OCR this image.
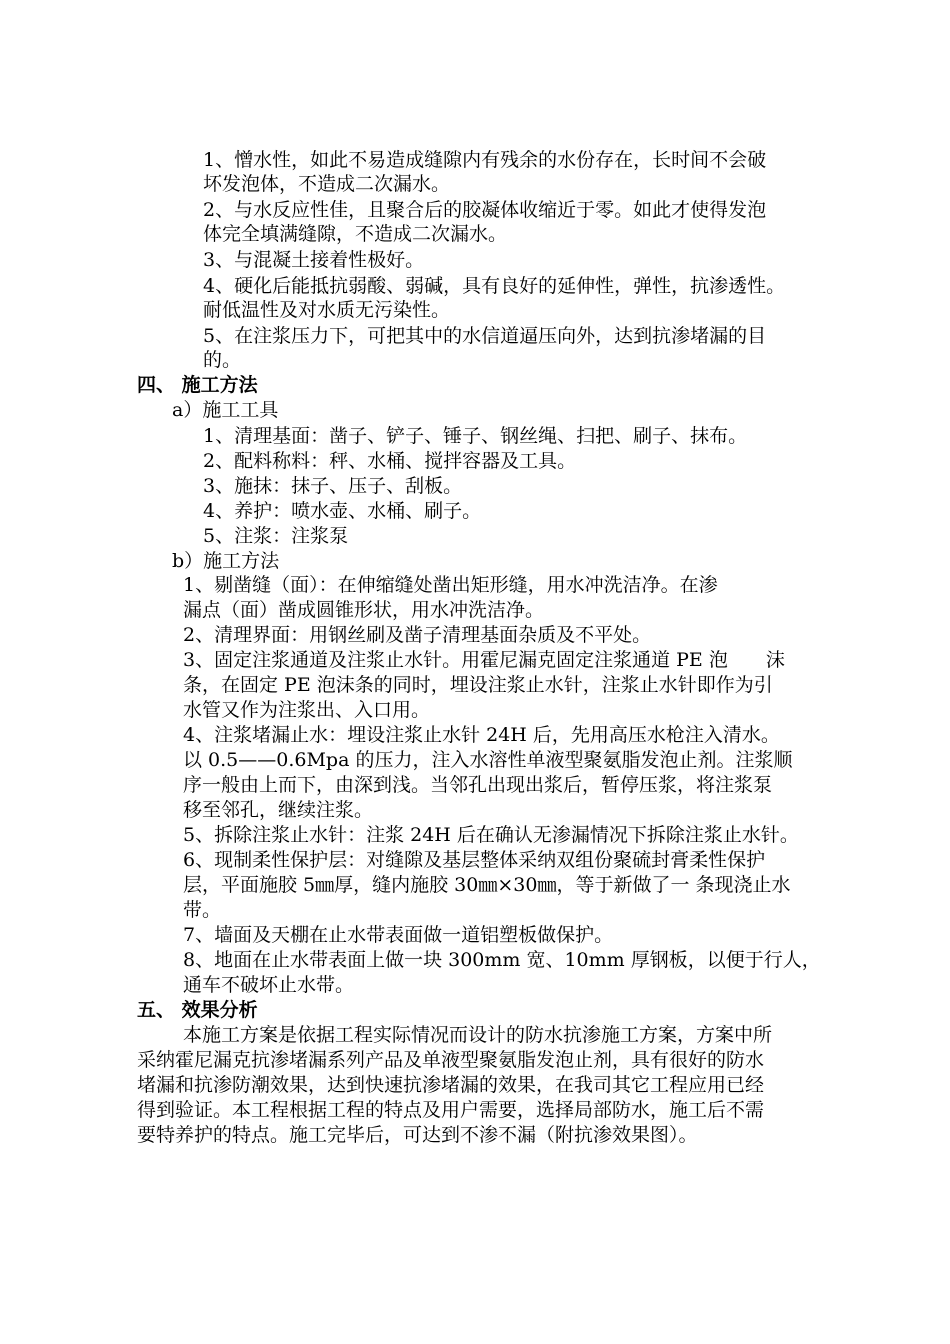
1、憎水性，如此不易造成缝隙内有残余的水份存在，长时间不会破
坏发泡体，不造成二次漏水。
2、与水反应性佳，且聚合后的胶凝体收缩近于零。如此才使得发泡
体完全填满缝隙，不造成二次漏水。
3、与混凝土接着性极好。
4、硬化后能抵抗弱酸、弱碱，具有良好的延伸性，弹性，抗渗透性。
耐低温性及对水质无污染性。
5、在注浆压力下，可把其中的水信道逼压向外，达到抗渗堵漏的目
的。
四、 施工方法
a）施工工具
1、清理基面：凿子、铲子、锤子、钢丝绳、扫把、刷子、抹布。
2、配料称料：秤、水桶、搅拌容器及工具。
3、施抹：抹子、压子、刮板。
4、养护：喷水壶、水桶、刷子。
5、注浆：注浆泵
b）施工方法
1、剔凿缝（面）：在伸缩缝处凿出矩形缝，用水冲洗洁净。在渗
漏点（面）凿成圆锥形状，用水冲洗洁净。
2、清理界面：用钢丝刷及凿子清理基面杂质及不平处。
3、固定注浆通道及注浆止水针。用霍尼漏克固定注浆通道 PE 泡　　沫
条，在固定 PE 泡沫条的同时，埋设注浆止水针，注浆止水针即作为引
水管又作为注浆出、入口用。
4、注浆堵漏止水：埋设注浆止水针 24H 后，先用高压水枪注入清水。
以 0.5——0.6Mpa 的压力，注入水溶性单液型聚氨脂发泡止剂。注浆顺
序一般由上而下，由深到浅。当邻孔出现出浆后，暂停压浆，将注浆泵
移至邻孔，继续注浆。
5、拆除注浆止水针：注浆 24H 后在确认无渗漏情况下拆除注浆止水针。
6、现制柔性保护层：对缝隙及基层整体采纳双组份聚硫封膏柔性保护
层，平面施胶 5㎜厚，缝内施胶 30㎜×30㎜，等于新做了一 条现浇止水
带。
7、墙面及天棚在止水带表面做一道铝塑板做保护。
8、地面在止水带表面上做一块 300mm 宽、10mm 厚钢板，以便于行人，
通车不破坏止水带。
五、 效果分析
本施工方案是依据工程实际情况而设计的防水抗渗施工方案，方案中所
采纳霍尼漏克抗渗堵漏系列产品及单液型聚氨脂发泡止剂，具有很好的防水
堵漏和抗渗防潮效果，达到快速抗渗堵漏的效果，在我司其它工程应用已经
得到验证。本工程根据工程的特点及用户需要，选择局部防水，施工后不需
要特养护的特点。施工完毕后，可达到不渗不漏（附抗渗效果图）。
